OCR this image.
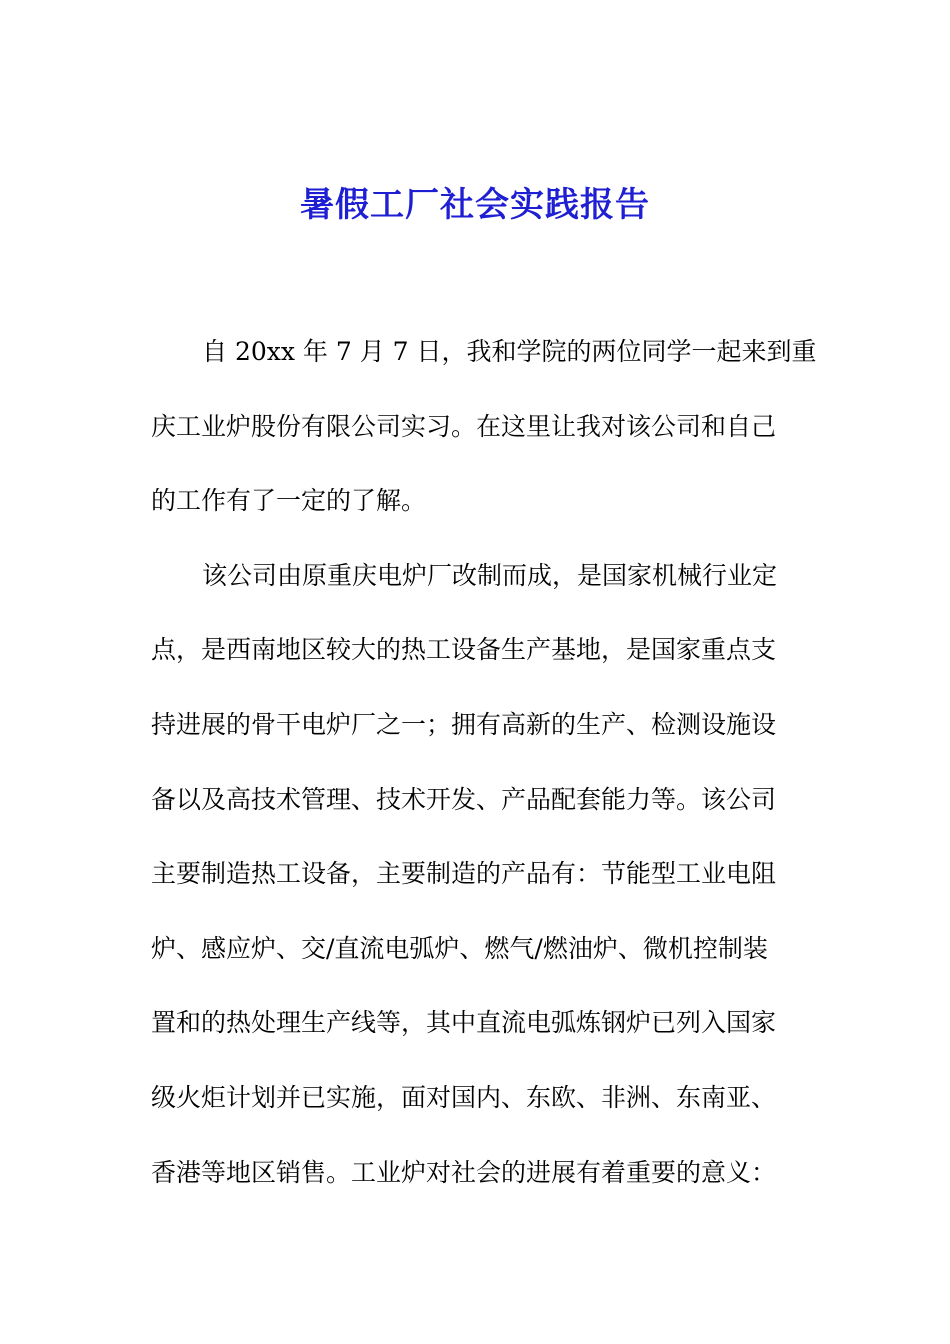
暑假工厂社会实践报告
自 20xx 年 7 月 7 日，我和学院的两位同学一起来到重
庆工业炉股份有限公司实习。在这里让我对该公司和自己
的工作有了一定的了解。
该公司由原重庆电炉厂改制而成，是国家机械行业定
点，是西南地区较大的热工设备生产基地，是国家重点支
持进展的骨干电炉厂之一；拥有高新的生产、检测设施设
备以及高技术管理、技术开发、产品配套能力等。该公司
主要制造热工设备，主要制造的产品有：节能型工业电阻
炉、感应炉、交/直流电弧炉、燃气/燃油炉、微机控制装
置和的热处理生产线等，其中直流电弧炼钢炉已列入国家
级火炬计划并已实施，面对国内、东欧、非洲、东南亚、
香港等地区销售。工业炉对社会的进展有着重要的意义：
